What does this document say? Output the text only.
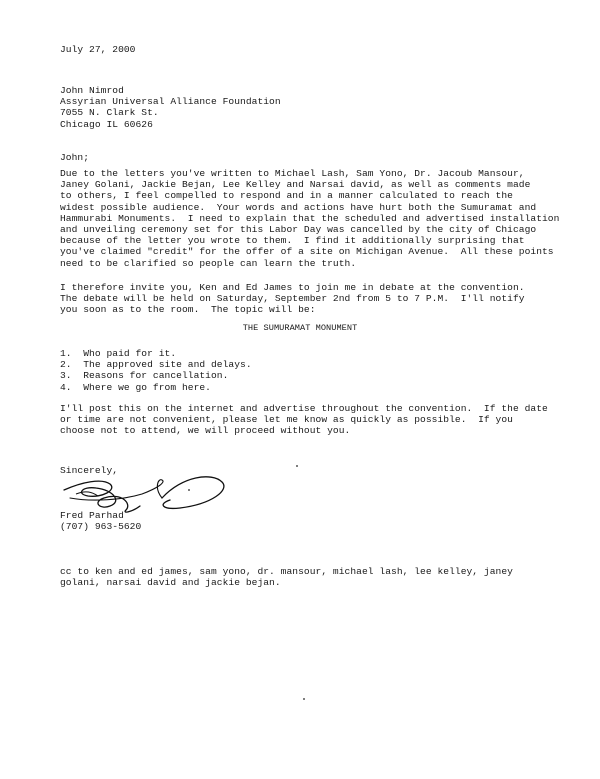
July 27, 2000
John Nimrod
Assyrian Universal Alliance Foundation
7055 N. Clark St.
Chicago IL 60626
John;
Due to the letters you've written to Michael Lash, Sam Yono, Dr. Jacoub Mansour,
Janey Golani, Jackie Bejan, Lee Kelley and Narsai david, as well as comments made
to others, I feel compelled to respond and in a manner calculated to reach the
widest possible audience.  Your words and actions have hurt both the Sumuramat and
Hammurabi Monuments.  I need to explain that the scheduled and advertised installation
and unveiling ceremony set for this Labor Day was cancelled by the city of Chicago
because of the letter you wrote to them.  I find it additionally surprising that
you've claimed "credit" for the offer of a site on Michigan Avenue.  All these points
need to be clarified so people can learn the truth.
I therefore invite you, Ken and Ed James to join me in debate at the convention.
The debate will be held on Saturday, September 2nd from 5 to 7 P.M.  I'll notify
you soon as to the room.  The topic will be:
THE SUMURAMAT MONUMENT
1.  Who paid for it.
2.  The approved site and delays.
3.  Reasons for cancellation.
4.  Where we go from here.
I'll post this on the internet and advertise throughout the convention.  If the date
or time are not convenient, please let me know as quickly as possible.  If you
choose not to attend, we will proceed without you.
Sincerely,
Fred Parhad
(707) 963-5620
cc to ken and ed james, sam yono, dr. mansour, michael lash, lee kelley, janey
golani, narsai david and jackie bejan.
